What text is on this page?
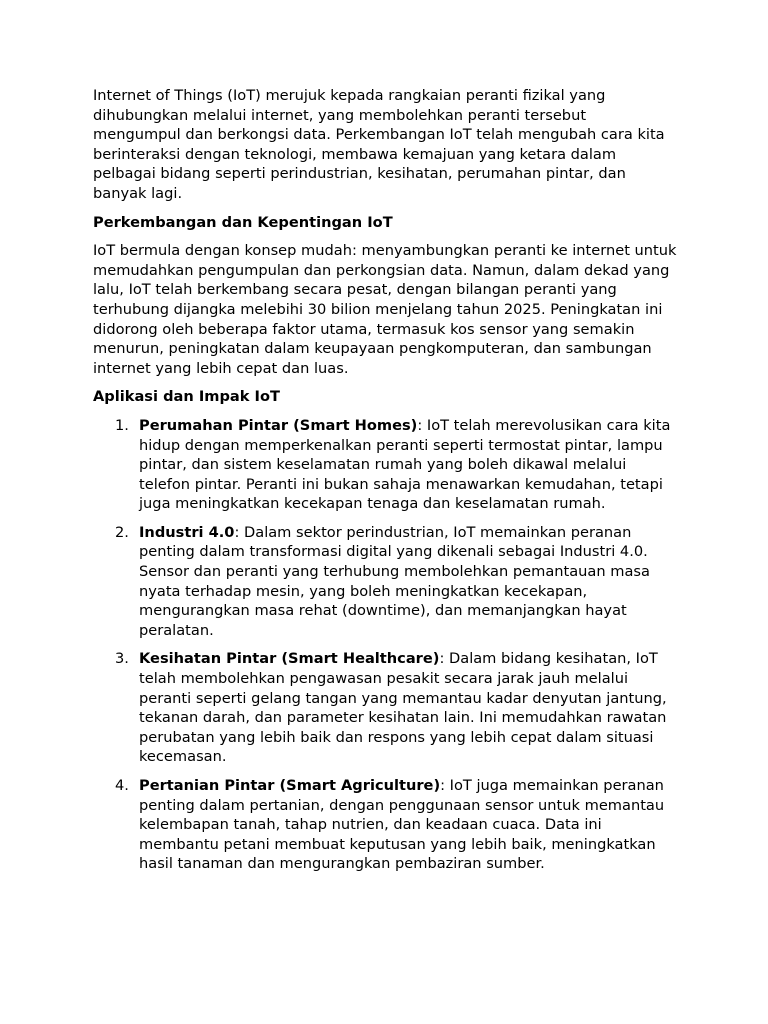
Internet of Things (IoT) merujuk kepada rangkaian peranti fizikal yang dihubungkan melalui internet, yang membolehkan peranti tersebut mengumpul dan berkongsi data. Perkembangan IoT telah mengubah cara kita berinteraksi dengan teknologi, membawa kemajuan yang ketara dalam pelbagai bidang seperti perindustrian, kesihatan, perumahan pintar, dan banyak lagi.

Perkembangan dan Kepentingan IoT

IoT bermula dengan konsep mudah: menyambungkan peranti ke internet untuk memudahkan pengumpulan dan perkongsian data. Namun, dalam dekad yang lalu, IoT telah berkembang secara pesat, dengan bilangan peranti yang terhubung dijangka melebihi 30 bilion menjelang tahun 2025. Peningkatan ini didorong oleh beberapa faktor utama, termasuk kos sensor yang semakin menurun, peningkatan dalam keupayaan pengkomputeran, dan sambungan internet yang lebih cepat dan luas.

Aplikasi dan Impak IoT
1. Perumahan Pintar (Smart Homes): IoT telah merevolusikan cara kita hidup dengan memperkenalkan peranti seperti termostat pintar, lampu pintar, dan sistem keselamatan rumah yang boleh dikawal melalui telefon pintar. Peranti ini bukan sahaja menawarkan kemudahan, tetapi juga meningkatkan kecekapan tenaga dan keselamatan rumah.
2. Industri 4.0: Dalam sektor perindustrian, IoT memainkan peranan penting dalam transformasi digital yang dikenali sebagai Industri 4.0. Sensor dan peranti yang terhubung membolehkan pemantauan masa nyata terhadap mesin, yang boleh meningkatkan kecekapan, mengurangkan masa rehat (downtime), dan memanjangkan hayat peralatan.
3. Kesihatan Pintar (Smart Healthcare): Dalam bidang kesihatan, IoT telah membolehkan pengawasan pesakit secara jarak jauh melalui peranti seperti gelang tangan yang memantau kadar denyutan jantung, tekanan darah, dan parameter kesihatan lain. Ini memudahkan rawatan perubatan yang lebih baik dan respons yang lebih cepat dalam situasi kecemasan.
4. Pertanian Pintar (Smart Agriculture): IoT juga memainkan peranan penting dalam pertanian, dengan penggunaan sensor untuk memantau kelembapan tanah, tahap nutrien, dan keadaan cuaca. Data ini membantu petani membuat keputusan yang lebih baik, meningkatkan hasil tanaman dan mengurangkan pembaziran sumber.
